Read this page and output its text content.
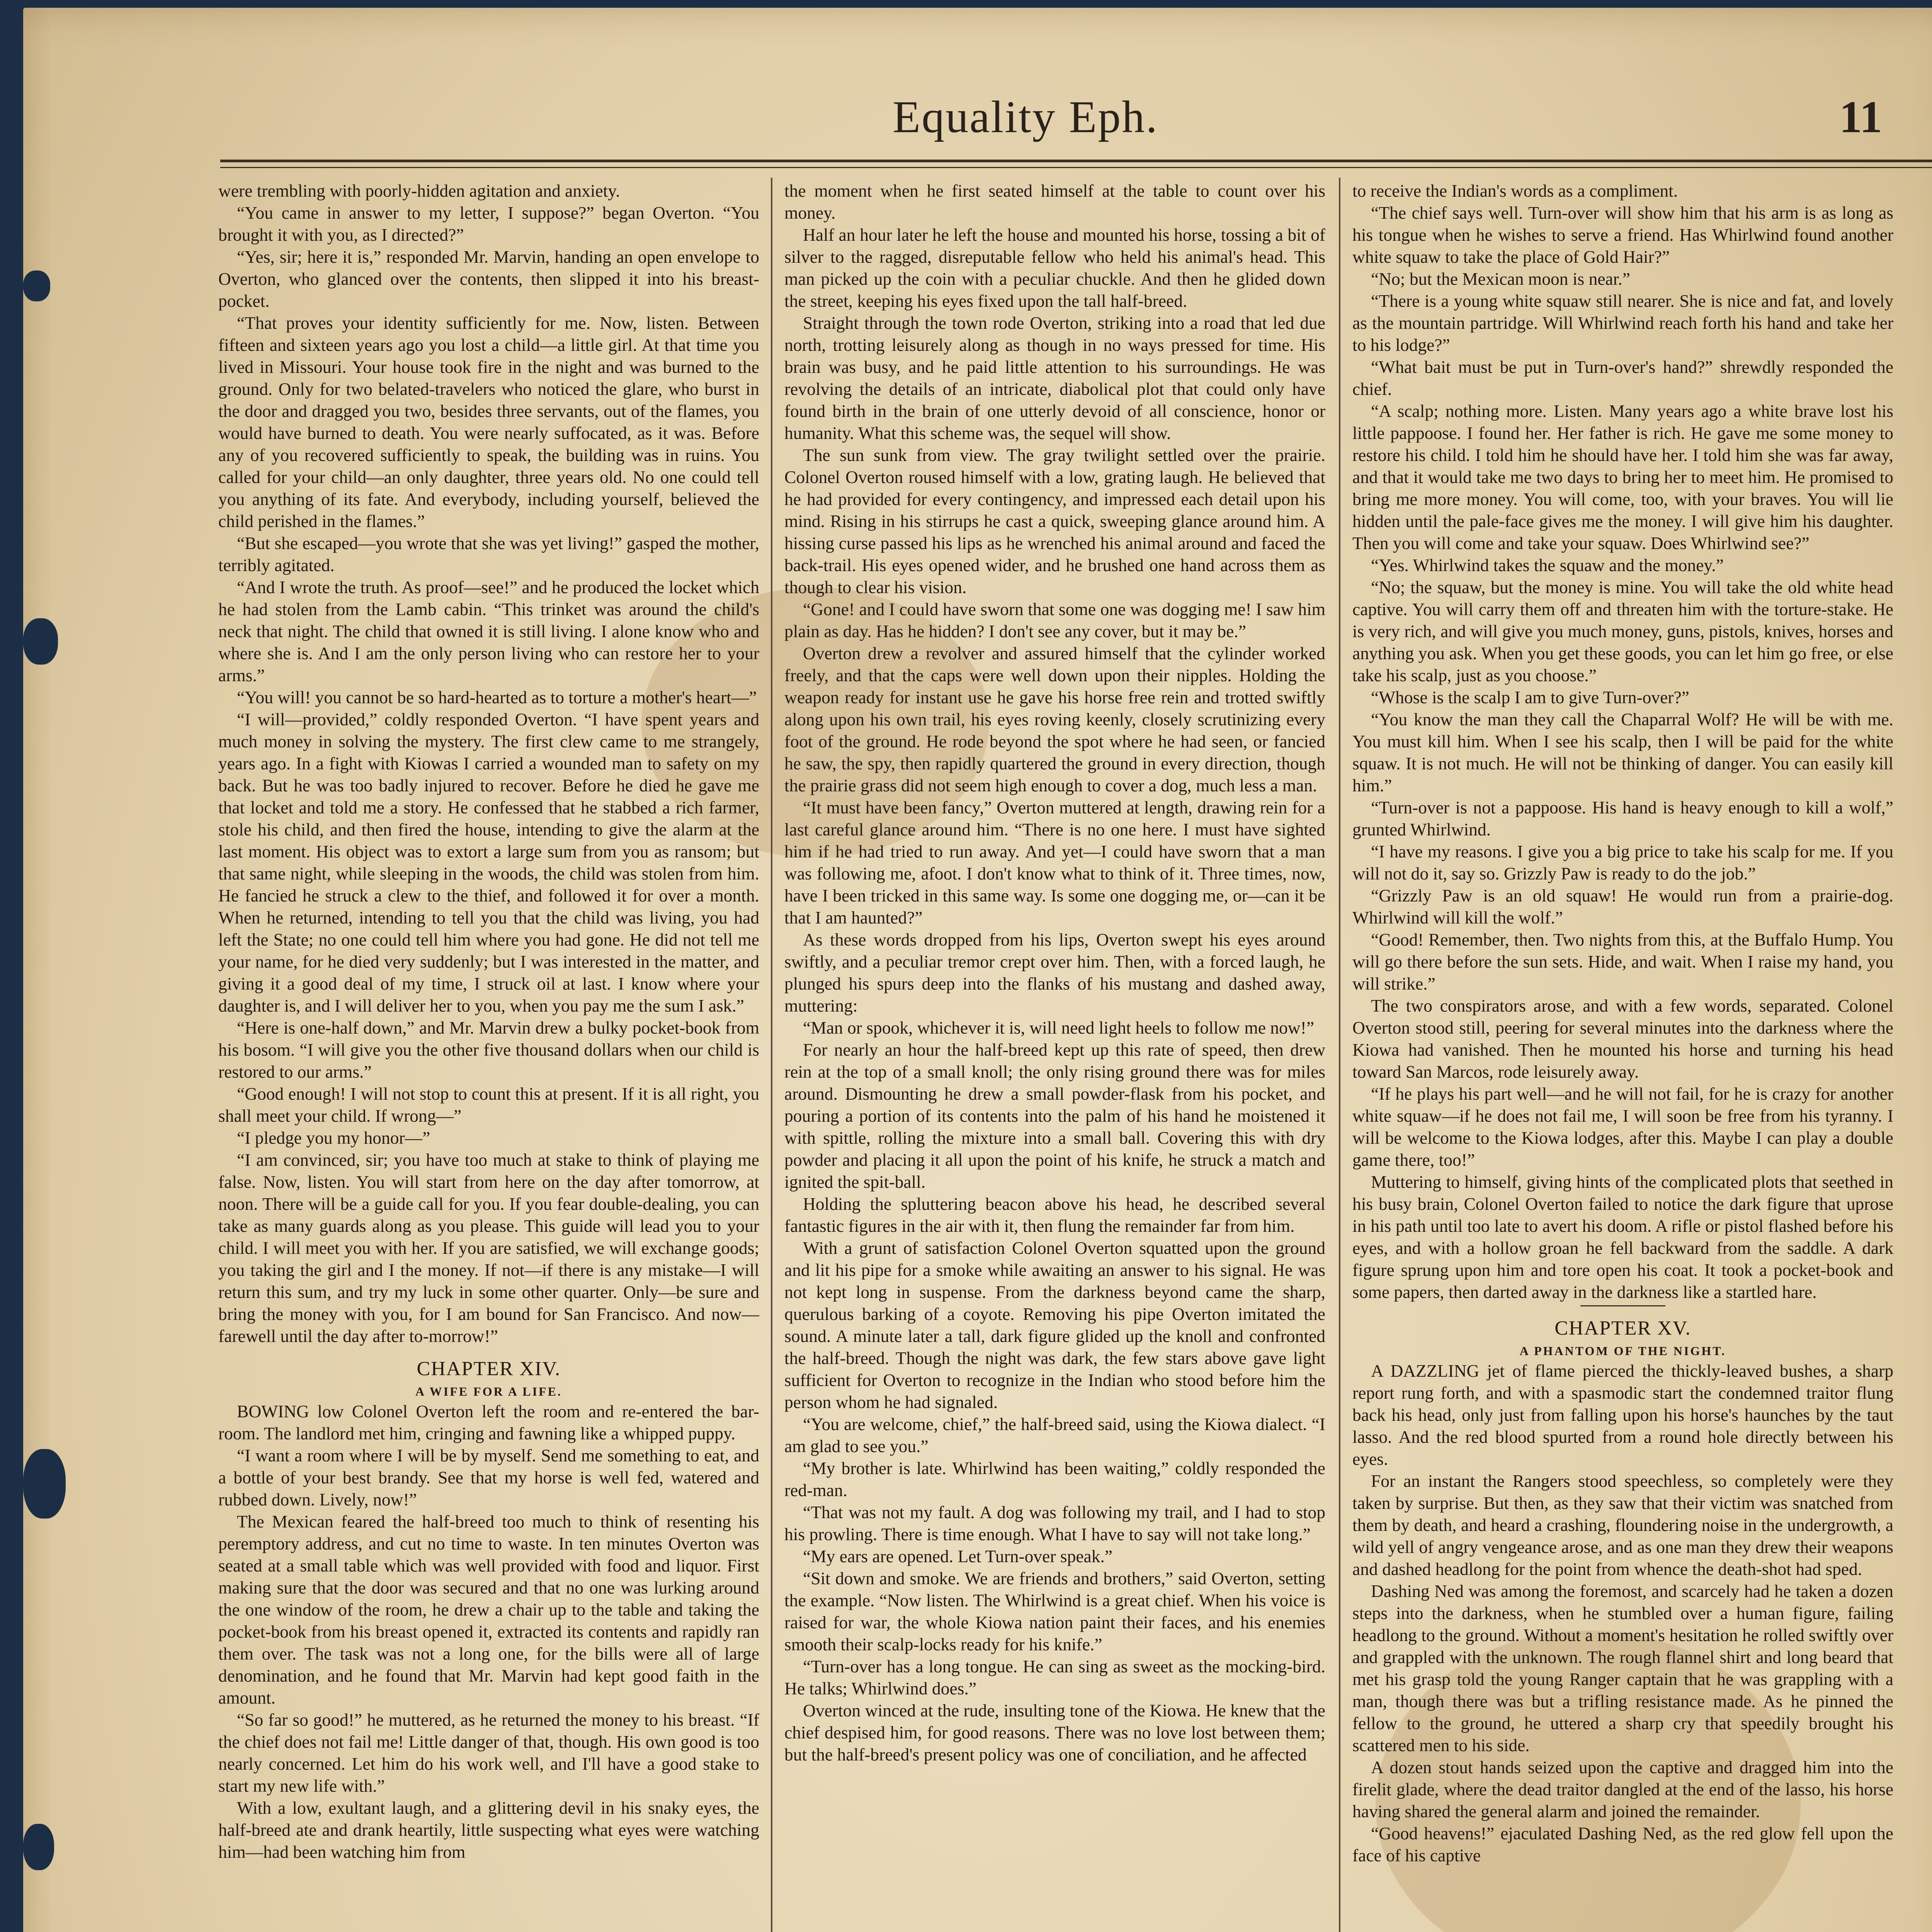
Equality Eph.	11

were trembling with poorly-hidden agitation and anxiety.

“You came in answer to my letter, I suppose?” began Overton. “You brought it with you, as I directed?”

“Yes, sir; here it is,” responded Mr. Marvin, handing an open envelope to Overton, who glanced over the contents, then slipped it into his breast-pocket.

“That proves your identity sufficiently for me. Now, listen. Between fifteen and sixteen years ago you lost a child—a little girl. At that time you lived in Missouri. Your house took fire in the night and was burned to the ground. Only for two belated-travelers who noticed the glare, who burst in the door and dragged you two, besides three servants, out of the flames, you would have burned to death. You were nearly suffocated, as it was. Before any of you recovered sufficiently to speak, the building was in ruins. You called for your child—an only daughter, three years old. No one could tell you anything of its fate. And everybody, including yourself, believed the child perished in the flames.”

“But she escaped—you wrote that she was yet living!” gasped the mother, terribly agitated.

“And I wrote the truth. As proof—see!” and he produced the locket which he had stolen from the Lamb cabin. “This trinket was around the child's neck that night. The child that owned it is still living. I alone know who and where she is. And I am the only person living who can restore her to your arms.”

“You will! you cannot be so hard-hearted as to torture a mother's heart—”

“I will—provided,” coldly responded Overton. “I have spent years and much money in solving the mystery. The first clew came to me strangely, years ago. In a fight with Kiowas I carried a wounded man to safety on my back. But he was too badly injured to recover. Before he died he gave me that locket and told me a story. He confessed that he stabbed a rich farmer, stole his child, and then fired the house, intending to give the alarm at the last moment. His object was to extort a large sum from you as ransom; but that same night, while sleeping in the woods, the child was stolen from him. He fancied he struck a clew to the thief, and followed it for over a month. When he returned, intending to tell you that the child was living, you had left the State; no one could tell him where you had gone. He did not tell me your name, for he died very suddenly; but I was interested in the matter, and giving it a good deal of my time, I struck oil at last. I know where your daughter is, and I will deliver her to you, when you pay me the sum I ask.”

“Here is one-half down,” and Mr. Marvin drew a bulky pocket-book from his bosom. “I will give you the other five thousand dollars when our child is restored to our arms.”

“Good enough! I will not stop to count this at present. If it is all right, you shall meet your child. If wrong—”

“I pledge you my honor—”

“I am convinced, sir; you have too much at stake to think of playing me false. Now, listen. You will start from here on the day after tomorrow, at noon. There will be a guide call for you. If you fear double-dealing, you can take as many guards along as you please. This guide will lead you to your child. I will meet you with her. If you are satisfied, we will exchange goods; you taking the girl and I the money. If not—if there is any mistake—I will return this sum, and try my luck in some other quarter. Only—be sure and bring the money with you, for I am bound for San Francisco. And now—farewell until the day after to-morrow!”

CHAPTER XIV.
A WIFE FOR A LIFE.

BOWING low Colonel Overton left the room and re-entered the bar-room. The landlord met him, cringing and fawning like a whipped puppy.

“I want a room where I will be by myself. Send me something to eat, and a bottle of your best brandy. See that my horse is well fed, watered and rubbed down. Lively, now!”

The Mexican feared the half-breed too much to think of resenting his peremptory address, and cut no time to waste. In ten minutes Overton was seated at a small table which was well provided with food and liquor. First making sure that the door was secured and that no one was lurking around the one window of the room, he drew a chair up to the table and taking the pocket-book from his breast opened it, extracted its contents and rapidly ran them over. The task was not a long one, for the bills were all of large denomination, and he found that Mr. Marvin had kept good faith in the amount.

“So far so good!” he muttered, as he returned the money to his breast. “If the chief does not fail me! Little danger of that, though. His own good is too nearly concerned. Let him do his work well, and I'll have a good stake to start my new life with.”

With a low, exultant laugh, and a glittering devil in his snaky eyes, the half-breed ate and drank heartily, little suspecting what eyes were watching him—had been watching him from

the moment when he first seated himself at the table to count over his money.

Half an hour later he left the house and mounted his horse, tossing a bit of silver to the ragged, disreputable fellow who held his animal's head. This man picked up the coin with a peculiar chuckle. And then he glided down the street, keeping his eyes fixed upon the tall half-breed.

Straight through the town rode Overton, striking into a road that led due north, trotting leisurely along as though in no ways pressed for time. His brain was busy, and he paid little attention to his surroundings. He was revolving the details of an intricate, diabolical plot that could only have found birth in the brain of one utterly devoid of all conscience, honor or humanity. What this scheme was, the sequel will show.

The sun sunk from view. The gray twilight settled over the prairie. Colonel Overton roused himself with a low, grating laugh. He believed that he had provided for every contingency, and impressed each detail upon his mind. Rising in his stirrups he cast a quick, sweeping glance around him. A hissing curse passed his lips as he wrenched his animal around and faced the back-trail. His eyes opened wider, and he brushed one hand across them as though to clear his vision.

“Gone! and I could have sworn that some one was dogging me! I saw him plain as day. Has he hidden? I don't see any cover, but it may be.”

Overton drew a revolver and assured himself that the cylinder worked freely, and that the caps were well down upon their nipples. Holding the weapon ready for instant use he gave his horse free rein and trotted swiftly along upon his own trail, his eyes roving keenly, closely scrutinizing every foot of the ground. He rode beyond the spot where he had seen, or fancied he saw, the spy, then rapidly quartered the ground in every direction, though the prairie grass did not seem high enough to cover a dog, much less a man.

“It must have been fancy,” Overton muttered at length, drawing rein for a last careful glance around him. “There is no one here. I must have sighted him if he had tried to run away. And yet—I could have sworn that a man was following me, afoot. I don't know what to think of it. Three times, now, have I been tricked in this same way. Is some one dogging me, or—can it be that I am haunted?”

As these words dropped from his lips, Overton swept his eyes around swiftly, and a peculiar tremor crept over him. Then, with a forced laugh, he plunged his spurs deep into the flanks of his mustang and dashed away, muttering:

“Man or spook, whichever it is, will need light heels to follow me now!”

For nearly an hour the half-breed kept up this rate of speed, then drew rein at the top of a small knoll; the only rising ground there was for miles around. Dismounting he drew a small powder-flask from his pocket, and pouring a portion of its contents into the palm of his hand he moistened it with spittle, rolling the mixture into a small ball. Covering this with dry powder and placing it all upon the point of his knife, he struck a match and ignited the spit-ball.

Holding the spluttering beacon above his head, he described several fantastic figures in the air with it, then flung the remainder far from him.

With a grunt of satisfaction Colonel Overton squatted upon the ground and lit his pipe for a smoke while awaiting an answer to his signal. He was not kept long in suspense. From the darkness beyond came the sharp, querulous barking of a coyote. Removing his pipe Overton imitated the sound. A minute later a tall, dark figure glided up the knoll and confronted the half-breed. Though the night was dark, the few stars above gave light sufficient for Overton to recognize in the Indian who stood before him the person whom he had signaled.

“You are welcome, chief,” the half-breed said, using the Kiowa dialect. “I am glad to see you.”

“My brother is late. Whirlwind has been waiting,” coldly responded the red-man.

“That was not my fault. A dog was following my trail, and I had to stop his prowling. There is time enough. What I have to say will not take long.”

“My ears are opened. Let Turn-over speak.”

“Sit down and smoke. We are friends and brothers,” said Overton, setting the example. “Now listen. The Whirlwind is a great chief. When his voice is raised for war, the whole Kiowa nation paint their faces, and his enemies smooth their scalp-locks ready for his knife.”

“Turn-over has a long tongue. He can sing as sweet as the mocking-bird. He talks; Whirlwind does.”

Overton winced at the rude, insulting tone of the Kiowa. He knew that the chief despised him, for good reasons. There was no love lost between them; but the half-breed's present policy was one of conciliation, and he affected

to receive the Indian's words as a compliment.

“The chief says well. Turn-over will show him that his arm is as long as his tongue when he wishes to serve a friend. Has Whirlwind found another white squaw to take the place of Gold Hair?”

“No; but the Mexican moon is near.”

“There is a young white squaw still nearer. She is nice and fat, and lovely as the mountain partridge. Will Whirlwind reach forth his hand and take her to his lodge?”

“What bait must be put in Turn-over's hand?” shrewdly responded the chief.

“A scalp; nothing more. Listen. Many years ago a white brave lost his little pappoose. I found her. Her father is rich. He gave me some money to restore his child. I told him he should have her. I told him she was far away, and that it would take me two days to bring her to meet him. He promised to bring me more money. You will come, too, with your braves. You will lie hidden until the pale-face gives me the money. I will give him his daughter. Then you will come and take your squaw. Does Whirlwind see?”

“Yes. Whirlwind takes the squaw and the money.”

“No; the squaw, but the money is mine. You will take the old white head captive. You will carry them off and threaten him with the torture-stake. He is very rich, and will give you much money, guns, pistols, knives, horses and anything you ask. When you get these goods, you can let him go free, or else take his scalp, just as you choose.”

“Whose is the scalp I am to give Turn-over?”

“You know the man they call the Chaparral Wolf? He will be with me. You must kill him. When I see his scalp, then I will be paid for the white squaw. It is not much. He will not be thinking of danger. You can easily kill him.”

“Turn-over is not a pappoose. His hand is heavy enough to kill a wolf,” grunted Whirlwind.

“I have my reasons. I give you a big price to take his scalp for me. If you will not do it, say so. Grizzly Paw is ready to do the job.”

“Grizzly Paw is an old squaw! He would run from a prairie-dog. Whirlwind will kill the wolf.”

“Good! Remember, then. Two nights from this, at the Buffalo Hump. You will go there before the sun sets. Hide, and wait. When I raise my hand, you will strike.”

The two conspirators arose, and with a few words, separated. Colonel Overton stood still, peering for several minutes into the darkness where the Kiowa had vanished. Then he mounted his horse and turning his head toward San Marcos, rode leisurely away.

“If he plays his part well—and he will not fail, for he is crazy for another white squaw—if he does not fail me, I will soon be free from his tyranny. I will be welcome to the Kiowa lodges, after this. Maybe I can play a double game there, too!”

Muttering to himself, giving hints of the complicated plots that seethed in his busy brain, Colonel Overton failed to notice the dark figure that uprose in his path until too late to avert his doom. A rifle or pistol flashed before his eyes, and with a hollow groan he fell backward from the saddle. A dark figure sprung upon him and tore open his coat. It took a pocket-book and some papers, then darted away in the darkness like a startled hare.

CHAPTER XV.
A PHANTOM OF THE NIGHT.

A DAZZLING jet of flame pierced the thickly-leaved bushes, a sharp report rung forth, and with a spasmodic start the condemned traitor flung back his head, only just from falling upon his horse's haunches by the taut lasso. And the red blood spurted from a round hole directly between his eyes.

For an instant the Rangers stood speechless, so completely were they taken by surprise. But then, as they saw that their victim was snatched from them by death, and heard a crashing, floundering noise in the undergrowth, a wild yell of angry vengeance arose, and as one man they drew their weapons and dashed headlong for the point from whence the death-shot had sped.

Dashing Ned was among the foremost, and scarcely had he taken a dozen steps into the darkness, when he stumbled over a human figure, failing headlong to the ground. Without a moment's hesitation he rolled swiftly over and grappled with the unknown. The rough flannel shirt and long beard that met his grasp told the young Ranger captain that he was grappling with a man, though there was but a trifling resistance made. As he pinned the fellow to the ground, he uttered a sharp cry that speedily brought his scattered men to his side.

A dozen stout hands seized upon the captive and dragged him into the firelit glade, where the dead traitor dangled at the end of the lasso, his horse having shared the general alarm and joined the remainder.

“Good heavens!” ejaculated Dashing Ned, as the red glow fell upon the face of his captive
